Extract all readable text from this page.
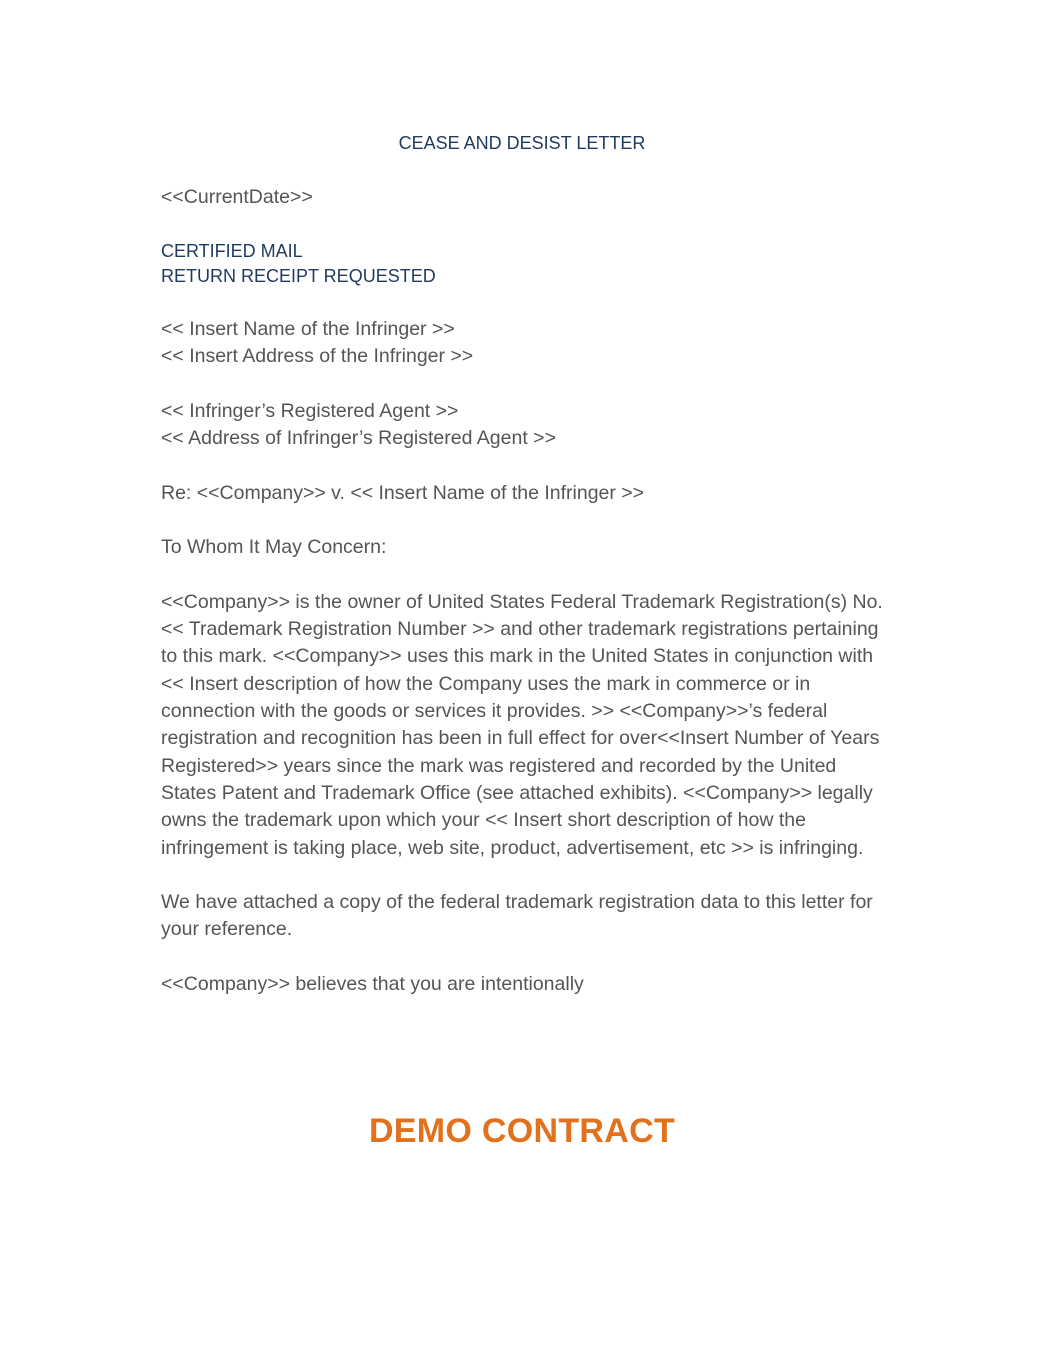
CEASE AND DESIST LETTER

<<CurrentDate>>

CERTIFIED MAIL

RETURN RECEIPT REQUESTED

<< Insert Name of the Infringer >>

<< Insert Address of the Infringer >>

<< Infringer’s Registered Agent >>

<< Address of Infringer’s Registered Agent >>

Re: <<Company>> v. << Insert Name of the Infringer >>

To Whom It May Concern:

<<Company>> is the owner of United States Federal Trademark Registration(s) No. << Trademark Registration Number >> and other trademark registrations pertaining to this mark. <<Company>> uses this mark in the United States in conjunction with << Insert description of how the Company uses the mark in commerce or in connection with the goods or services it provides. >> <<Company>>’s federal registration and recognition has been in full effect for over<<Insert Number of Years Registered>> years since the mark was registered and recorded by the United States Patent and Trademark Office (see attached exhibits). <<Company>> legally owns the trademark upon which your << Insert short description of how the infringement is taking place, web site, product, advertisement, etc >> is infringing.

We have attached a copy of the federal trademark registration data to this letter for your reference.

<<Company>> believes that you are intentionally

DEMO CONTRACT
